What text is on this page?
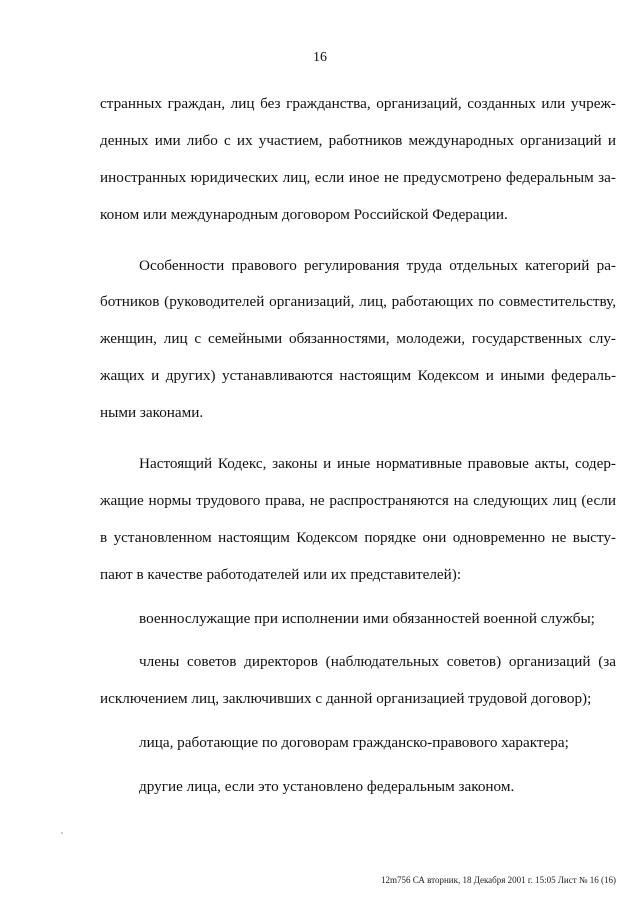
16
странных граждан, лиц без гражданства, организаций, созданных или учреж-
денных ими либо с их участием, работников международных организаций и
иностранных юридических лиц, если иное не предусмотрено федеральным за-
коном или международным договором Российской Федерации.
Особенности правового регулирования труда отдельных категорий ра-
ботников (руководителей организаций, лиц, работающих по совместительству,
женщин, лиц с семейными обязанностями, молодежи, государственных слу-
жащих и других) устанавливаются настоящим Кодексом и иными федераль-
ными законами.
Настоящий Кодекс, законы и иные нормативные правовые акты, содер-
жащие нормы трудового права, не распространяются на следующих лиц (если
в установленном настоящим Кодексом порядке они одновременно не высту-
пают в качестве работодателей или их представителей):
военнослужащие при исполнении ими обязанностей военной службы;
члены советов директоров (наблюдательных советов) организаций (за
исключением лиц, заключивших с данной организацией трудовой договор);
лица, работающие по договорам гражданско-правового характера;
другие лица, если это установлено федеральным законом.
12m756 СА вторник, 18 Декабря 2001 г. 15:05 Лист № 16 (16)
